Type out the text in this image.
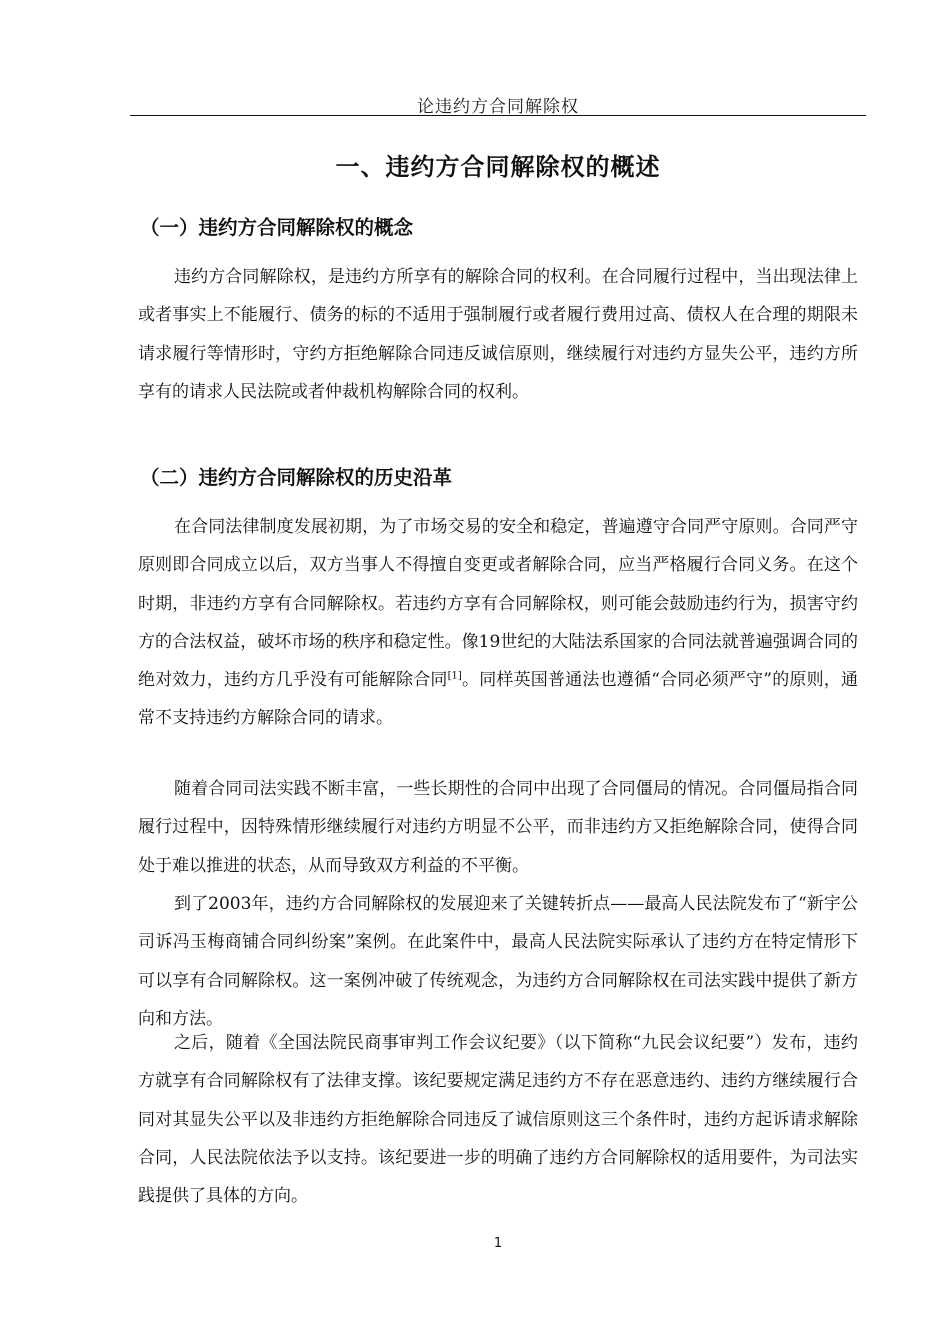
论违约方合同解除权
一、违约方合同解除权的概述
（一）违约方合同解除权的概念

违约方合同解除权，是违约方所享有的解除合同的权利。在合同履行过程中，当出现法律上或者事实上不能履行、债务的标的不适用于强制履行或者履行费用过高、债权人在合理的期限未请求履行等情形时，守约方拒绝解除合同违反诚信原则，继续履行对违约方显失公平，违约方所享有的请求人民法院或者仲裁机构解除合同的权利。

（二）违约方合同解除权的历史沿革

在合同法律制度发展初期，为了市场交易的安全和稳定，普遍遵守合同严守原则。合同严守原则即合同成立以后，双方当事人不得擅自变更或者解除合同，应当严格履行合同义务。在这个时期，非违约方享有合同解除权。若违约方享有合同解除权，则可能会鼓励违约行为，损害守约方的合法权益，破坏市场的秩序和稳定性。像19世纪的大陆法系国家的合同法就普遍强调合同的绝对效力，违约方几乎没有可能解除合同[1]。同样英国普通法也遵循“合同必须严守”的原则，通常不支持违约方解除合同的请求。

随着合同司法实践不断丰富，一些长期性的合同中出现了合同僵局的情况。合同僵局指合同履行过程中，因特殊情形继续履行对违约方明显不公平，而非违约方又拒绝解除合同，使得合同处于难以推进的状态，从而导致双方利益的不平衡。

到了2003年，违约方合同解除权的发展迎来了关键转折点——最高人民法院发布了“新宇公司诉冯玉梅商铺合同纠纷案”案例。在此案件中，最高人民法院实际承认了违约方在特定情形下可以享有合同解除权。这一案例冲破了传统观念，为违约方合同解除权在司法实践中提供了新方向和方法。

之后，随着《全国法院民商事审判工作会议纪要》（以下简称“九民会议纪要”）发布，违约方就享有合同解除权有了法律支撑。该纪要规定满足违约方不存在恶意违约、违约方继续履行合同对其显失公平以及非违约方拒绝解除合同违反了诚信原则这三个条件时，违约方起诉请求解除合同，人民法院依法予以支持。该纪要进一步的明确了违约方合同解除权的适用要件，为司法实践提供了具体的方向。

1
